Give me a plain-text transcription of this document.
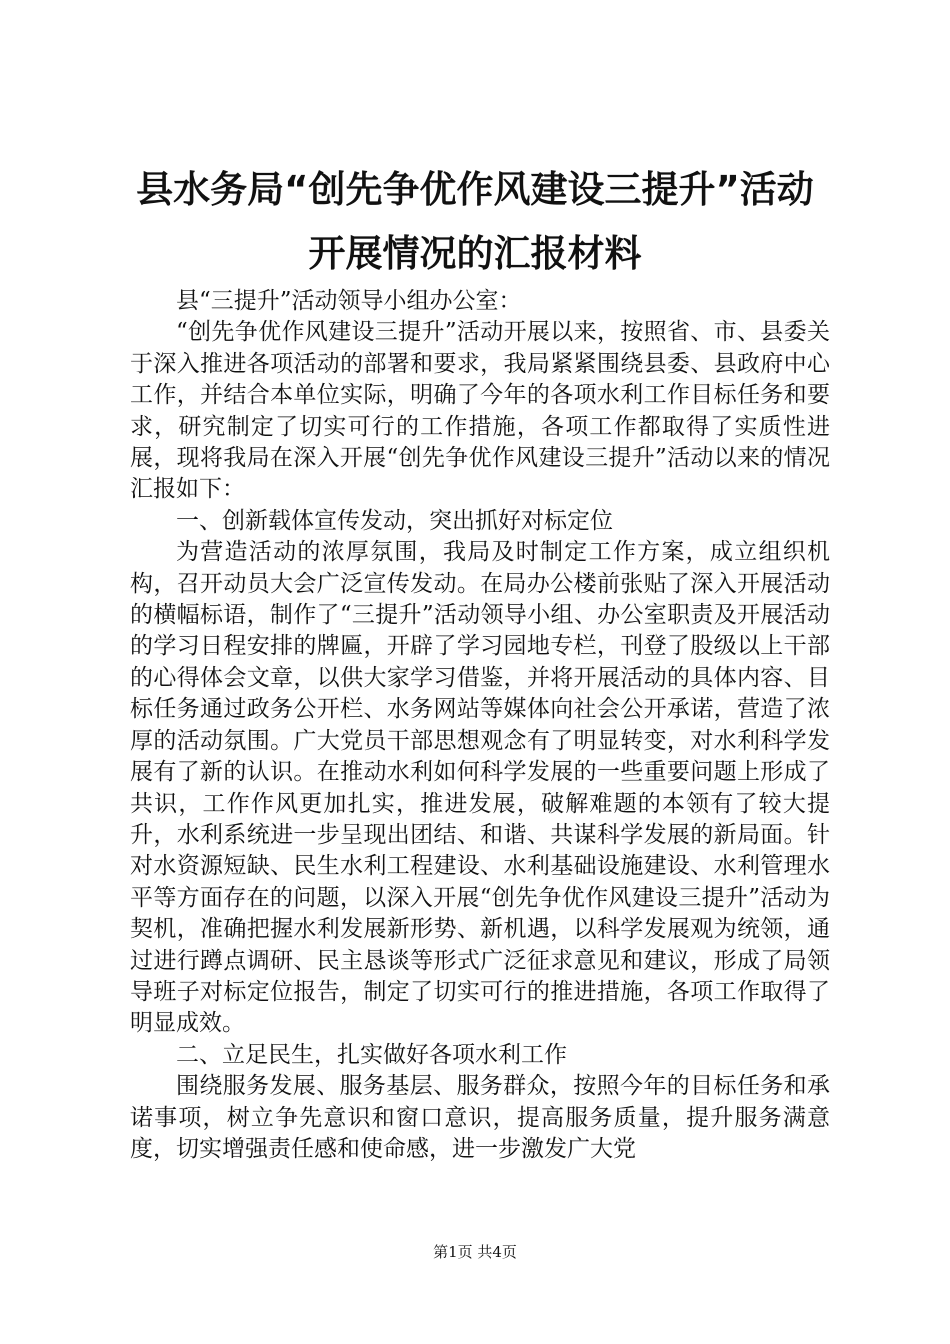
县水务局“创先争优作风建设三提升”活动开展情况的汇报材料

县“三提升”活动领导小组办公室：

“创先争优作风建设三提升”活动开展以来，按照省、市、县委关于深入推进各项活动的部署和要求，我局紧紧围绕县委、县政府中心工作，并结合本单位实际，明确了今年的各项水利工作目标任务和要求，研究制定了切实可行的工作措施，各项工作都取得了实质性进展，现将我局在深入开展“创先争优作风建设三提升”活动以来的情况汇报如下：

一、创新载体宣传发动，突出抓好对标定位

为营造活动的浓厚氛围，我局及时制定工作方案，成立组织机构，召开动员大会广泛宣传发动。在局办公楼前张贴了深入开展活动的横幅标语，制作了“三提升”活动领导小组、办公室职责及开展活动的学习日程安排的牌匾，开辟了学习园地专栏，刊登了股级以上干部的心得体会文章，以供大家学习借鉴，并将开展活动的具体内容、目标任务通过政务公开栏、水务网站等媒体向社会公开承诺，营造了浓厚的活动氛围。广大党员干部思想观念有了明显转变，对水利科学发展有了新的认识。在推动水利如何科学发展的一些重要问题上形成了共识，工作作风更加扎实，推进发展，破解难题的本领有了较大提升，水利系统进一步呈现出团结、和谐、共谋科学发展的新局面。针对水资源短缺、民生水利工程建设、水利基础设施建设、水利管理水平等方面存在的问题，以深入开展“创先争优作风建设三提升”活动为契机，准确把握水利发展新形势、新机遇，以科学发展观为统领，通过进行蹲点调研、民主恳谈等形式广泛征求意见和建议，形成了局领导班子对标定位报告，制定了切实可行的推进措施，各项工作取得了明显成效。

二、立足民生，扎实做好各项水利工作

围绕服务发展、服务基层、服务群众，按照今年的目标任务和承诺事项，树立争先意识和窗口意识，提高服务质量，提升服务满意度，切实增强责任感和使命感，进一步激发广大党

第1页 共4页
